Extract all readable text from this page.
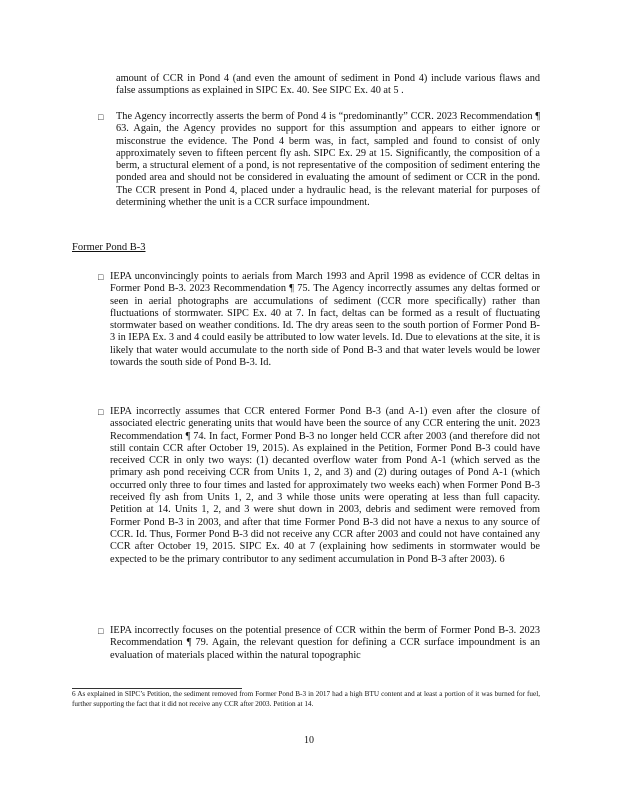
amount of CCR in Pond 4 (and even the amount of sediment in Pond 4) include various flaws and false assumptions as explained in SIPC Ex. 40. See SIPC Ex. 40 at 5 .
□ The Agency incorrectly asserts the berm of Pond 4 is “predominantly” CCR. 2023 Recommendation ¶ 63. Again, the Agency provides no support for this assumption and appears to either ignore or misconstrue the evidence. The Pond 4 berm was, in fact, sampled and found to consist of only approximately seven to fifteen percent fly ash. SIPC Ex. 29 at 15. Significantly, the composition of a berm, a structural element of a pond, is not representative of the composition of sediment entering the ponded area and should not be considered in evaluating the amount of sediment or CCR in the pond. The CCR present in Pond 4, placed under a hydraulic head, is the relevant material for purposes of determining whether the unit is a CCR surface impoundment.
Former Pond B-3
□ IEPA unconvincingly points to aerials from March 1993 and April 1998 as evidence of CCR deltas in Former Pond B-3. 2023 Recommendation ¶ 75. The Agency incorrectly assumes any deltas formed or seen in aerial photographs are accumulations of sediment (CCR more specifically) rather than fluctuations of stormwater. SIPC Ex. 40 at 7. In fact, deltas can be formed as a result of fluctuating stormwater based on weather conditions. Id. The dry areas seen to the south portion of Former Pond B-3 in IEPA Ex. 3 and 4 could easily be attributed to low water levels. Id. Due to elevations at the site, it is likely that water would accumulate to the north side of Pond B-3 and that water levels would be lower towards the south side of Pond B-3. Id.
□ IEPA incorrectly assumes that CCR entered Former Pond B-3 (and A-1) even after the closure of associated electric generating units that would have been the source of any CCR entering the unit. 2023 Recommendation ¶ 74. In fact, Former Pond B-3 no longer held CCR after 2003 (and therefore did not still contain CCR after October 19, 2015). As explained in the Petition, Former Pond B-3 could have received CCR in only two ways: (1) decanted overflow water from Pond A-1 (which served as the primary ash pond receiving CCR from Units 1, 2, and 3) and (2) during outages of Pond A-1 (which occurred only three to four times and lasted for approximately two weeks each) when Former Pond B-3 received fly ash from Units 1, 2, and 3 while those units were operating at less than full capacity. Petition at 14. Units 1, 2, and 3 were shut down in 2003, debris and sediment were removed from Former Pond B-3 in 2003, and after that time Former Pond B-3 did not have a nexus to any source of CCR. Id. Thus, Former Pond B-3 did not receive any CCR after 2003 and could not have contained any CCR after October 19, 2015. SIPC Ex. 40 at 7 (explaining how sediments in stormwater would be expected to be the primary contributor to any sediment accumulation in Pond B-3 after 2003). 6
□ IEPA incorrectly focuses on the potential presence of CCR within the berm of Former Pond B-3. 2023 Recommendation ¶ 79. Again, the relevant question for defining a CCR surface impoundment is an evaluation of materials placed within the natural topographic
6 As explained in SIPC’s Petition, the sediment removed from Former Pond B-3 in 2017 had a high BTU content and at least a portion of it was burned for fuel, further supporting the fact that it did not receive any CCR after 2003. Petition at 14.
10
